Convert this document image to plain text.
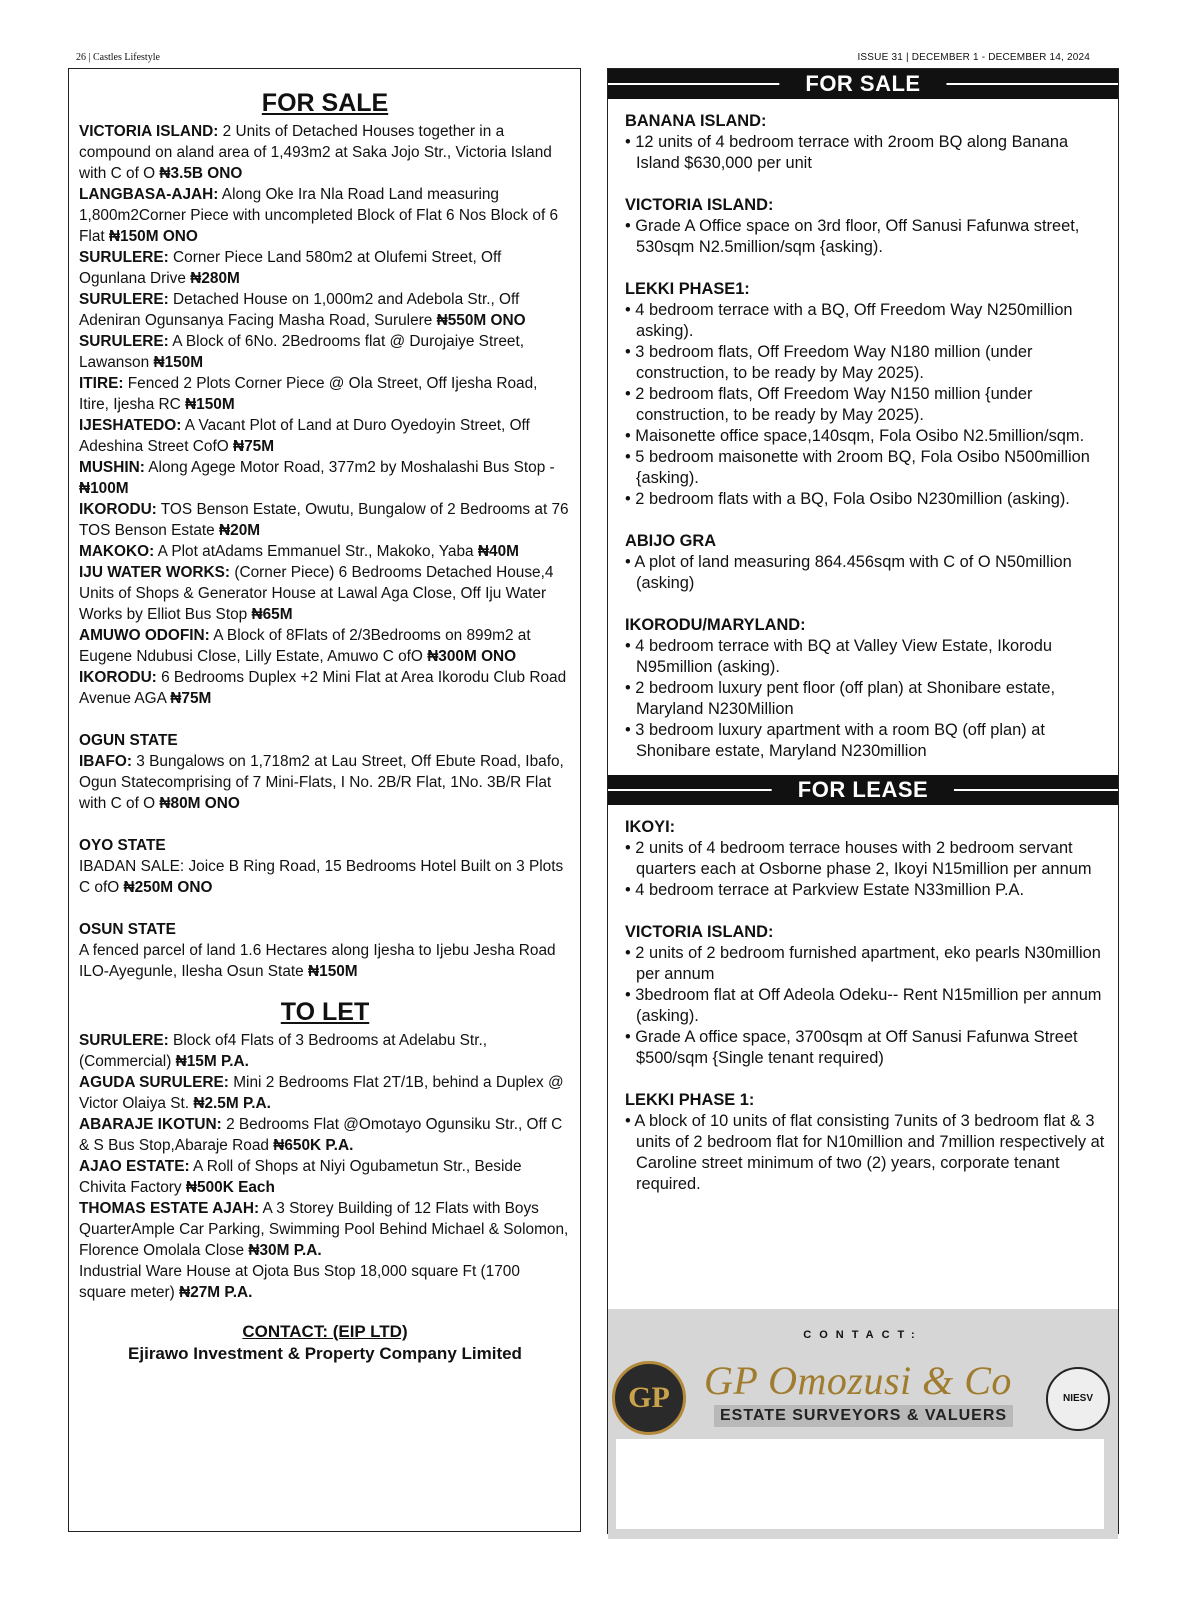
26 | Castles Lifestyle	ISSUE 31 | DECEMBER 1 - DECEMBER 14, 2024
FOR SALE
VICTORIA ISLAND: 2 Units of Detached Houses together in a compound on aland area of 1,493m2 at Saka Jojo Str., Victoria Island with C of O ₦3.5B ONO
LANGBASA-AJAH: Along Oke Ira Nla Road Land measuring 1,800m2Corner Piece with uncompleted Block of Flat 6 Nos Block of 6 Flat ₦150M ONO
SURULERE: Corner Piece Land 580m2 at Olufemi Street, Off Ogunlana Drive ₦280M
SURULERE: Detached House on 1,000m2 and Adebola Str., Off Adeniran Ogunsanya Facing Masha Road, Surulere ₦550M ONO
SURULERE: A Block of 6No. 2Bedrooms flat @ Durojaiye Street, Lawanson ₦150M
ITIRE: Fenced 2 Plots Corner Piece @ Ola Street, Off Ijesha Road, Itire, Ijesha RC ₦150M
IJESHATEDO: A Vacant Plot of Land at Duro Oyedoyin Street, Off Adeshina Street CofO ₦75M
MUSHIN: Along Agege Motor Road, 377m2 by Moshalashi Bus Stop - ₦100M
IKORODU: TOS Benson Estate, Owutu, Bungalow of 2 Bedrooms at 76 TOS Benson Estate ₦20M
MAKOKO: A Plot atAdams Emmanuel Str., Makoko, Yaba ₦40M
IJU WATER WORKS: (Corner Piece) 6 Bedrooms Detached House,4 Units of Shops & Generator House at Lawal Aga Close, Off Iju Water Works by Elliot Bus Stop ₦65M
AMUWO ODOFIN: A Block of 8Flats of 2/3Bedrooms on 899m2 at Eugene Ndubusi Close, Lilly Estate, Amuwo C ofO ₦300M ONO
IKORODU: 6 Bedrooms Duplex +2 Mini Flat at Area Ikorodu Club Road Avenue AGA ₦75M
OGUN STATE
IBAFO: 3 Bungalows on 1,718m2 at Lau Street, Off Ebute Road, Ibafo, Ogun Statecomprising of 7 Mini-Flats, I No. 2B/R Flat, 1No. 3B/R Flat with C of O ₦80M ONO
OYO STATE
IBADAN SALE: Joice B Ring Road, 15 Bedrooms Hotel Built on 3 Plots C ofO ₦250M ONO
OSUN STATE
A fenced parcel of land 1.6 Hectares along Ijesha to Ijebu Jesha Road ILO-Ayegunle, Ilesha Osun State ₦150M
TO LET
SURULERE: Block of4 Flats of 3 Bedrooms at Adelabu Str., (Commercial) ₦15M P.A.
AGUDA SURULERE: Mini 2 Bedrooms Flat 2T/1B, behind a Duplex @ Victor Olaiya St. ₦2.5M P.A.
ABARAJE IKOTUN: 2 Bedrooms Flat @Omotayo Ogunsiku Str., Off C & S Bus Stop,Abaraje Road ₦650K P.A.
AJAO ESTATE: A Roll of Shops at Niyi Ogubametun Str., Beside Chivita Factory ₦500K Each
THOMAS ESTATE AJAH: A 3 Storey Building of 12 Flats with Boys QuarterAmple Car Parking, Swimming Pool Behind Michael & Solomon, Florence Omolala Close ₦30M P.A.
Industrial Ware House at Ojota Bus Stop 18,000 square Ft (1700 square meter) ₦27M P.A.
CONTACT: (EIP LTD)
Ejirawo Investment & Property Company Limited
FOR SALE
BANANA ISLAND:
• 12 units of 4 bedroom terrace with 2room BQ along Banana Island $630,000 per unit
VICTORIA ISLAND:
• Grade A Office space on 3rd floor, Off Sanusi Fafunwa street, 530sqm N2.5million/sqm {asking).
LEKKI PHASE1:
• 4 bedroom terrace with a BQ, Off Freedom Way N250million asking).
• 3 bedroom flats, Off Freedom Way N180 million (under construction, to be ready by May 2025).
• 2 bedroom flats, Off Freedom Way N150 million {under construction, to be ready by May 2025).
• Maisonette office space,140sqm, Fola Osibo N2.5million/sqm.
• 5 bedroom maisonette with 2room BQ, Fola Osibo N500million {asking).
• 2 bedroom flats with a BQ, Fola Osibo N230million (asking).
ABIJO GRA
• A plot of land measuring 864.456sqm with C of O N50million (asking)
IKORODU/MARYLAND:
• 4 bedroom terrace with BQ at Valley View Estate, Ikorodu N95million (asking).
• 2 bedroom luxury pent floor (off plan) at Shonibare estate, Maryland N230Million
• 3 bedroom luxury apartment with a room BQ (off plan) at Shonibare estate, Maryland N230million
FOR LEASE
IKOYI:
• 2 units of 4 bedroom terrace houses with 2 bedroom servant quarters each at Osborne phase 2, Ikoyi N15million per annum
• 4 bedroom terrace at Parkview Estate N33million P.A.
VICTORIA ISLAND:
• 2 units of 2 bedroom furnished apartment, eko pearls N30million per annum
• 3bedroom flat at Off Adeola Odeku-- Rent N15million per annum (asking).
• Grade A office space, 3700sqm at Off Sanusi Fafunwa Street $500/sqm {Single tenant required)
LEKKI PHASE 1:
• A block of 10 units of flat consisting 7units of 3 bedroom flat & 3 units of 2 bedroom flat for N10million and 7million respectively at Caroline street minimum of two (2) years, corporate tenant required.
CONTACT:
GP GP Omozusi & Co
ESTATE SURVEYORS & VALUERS
NIESV
